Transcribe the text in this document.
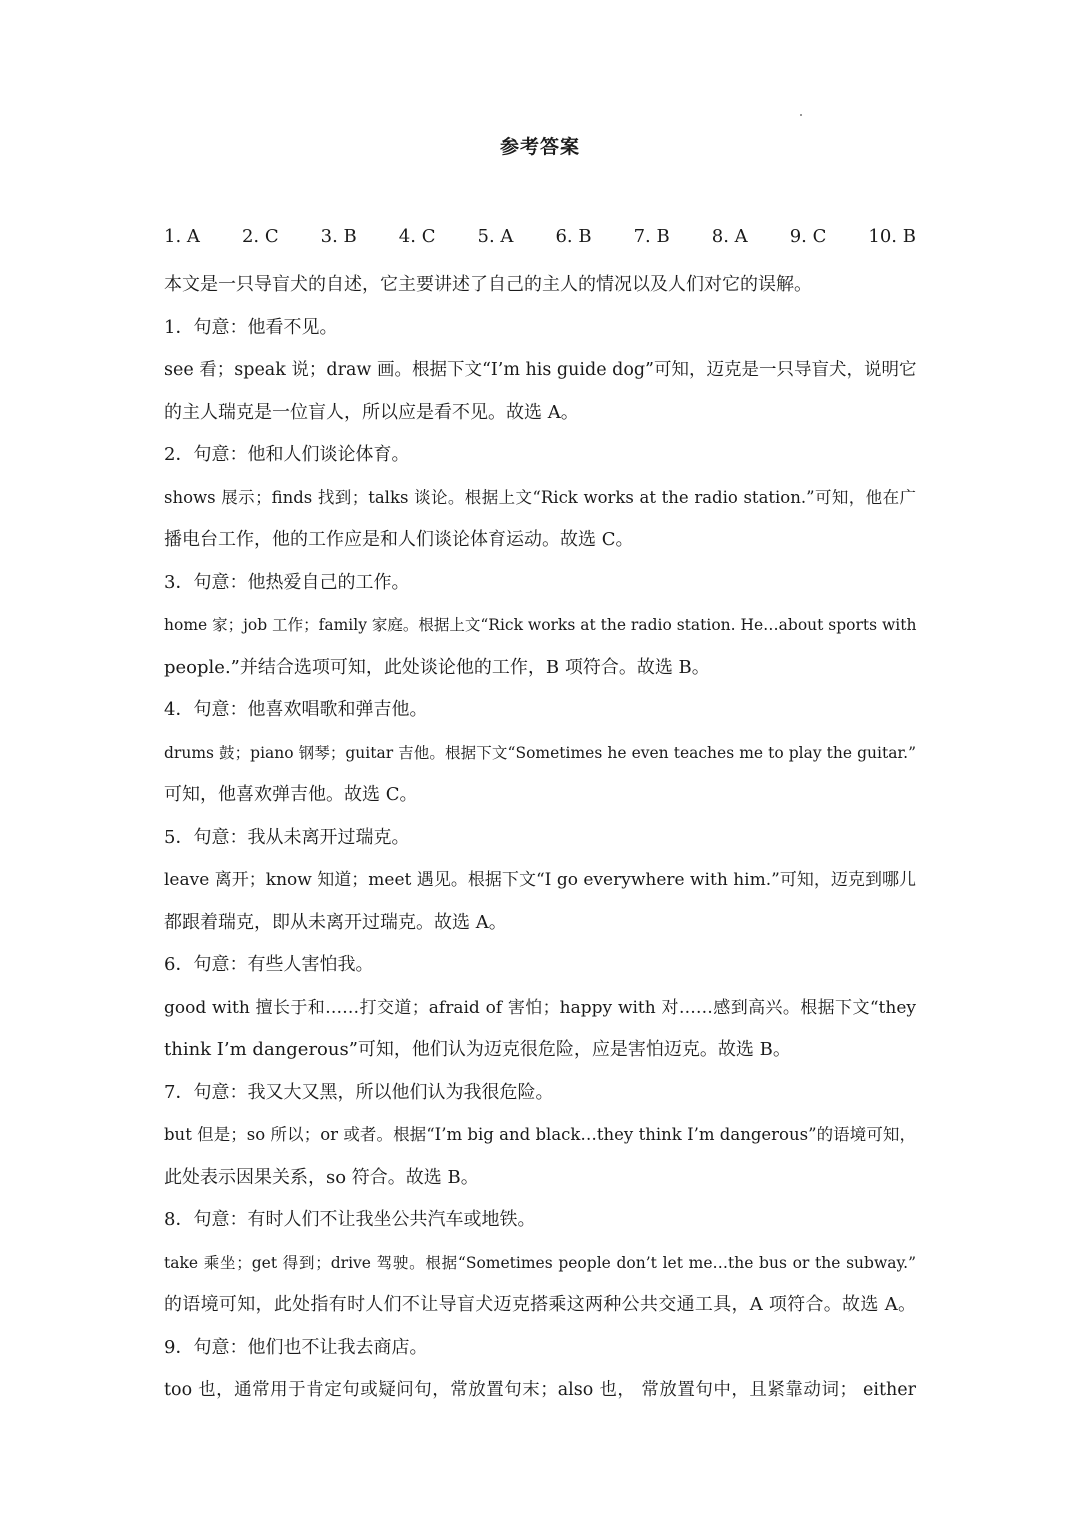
参考答案
1. A 2. C 3. B 4. C 5. A 6. B 7. B 8. A 9. C 10. B

本文是一只导盲犬的自述，它主要讲述了自己的主人的情况以及人们对它的误解。

1．句意：他看不见。

see 看；speak 说；draw 画。根据下文“I’m his guide dog”可知，迈克是一只导盲犬，说明它

的主人瑞克是一位盲人，所以应是看不见。故选 A。

2．句意：他和人们谈论体育。

shows 展示；finds 找到；talks 谈论。根据上文“Rick works at the radio station.”可知，他在广

播电台工作，他的工作应是和人们谈论体育运动。故选 C。

3．句意：他热爱自己的工作。

home 家；job 工作；family 家庭。根据上文“Rick works at the radio station. He…about sports with

people.”并结合选项可知，此处谈论他的工作，B 项符合。故选 B。

4．句意：他喜欢唱歌和弹吉他。

drums 鼓；piano 钢琴；guitar 吉他。根据下文“Sometimes he even teaches me to play the guitar.”

可知，他喜欢弹吉他。故选 C。

5．句意：我从未离开过瑞克。

leave 离开；know 知道；meet 遇见。根据下文“I go everywhere with him.”可知，迈克到哪儿

都跟着瑞克，即从未离开过瑞克。故选 A。

6．句意：有些人害怕我。

good with 擅长于和……打交道；afraid of 害怕；happy with 对……感到高兴。根据下文“they

think I’m dangerous”可知，他们认为迈克很危险，应是害怕迈克。故选 B。

7．句意：我又大又黑，所以他们认为我很危险。

but 但是；so 所以；or 或者。根据“I’m big and black…they think I’m dangerous”的语境可知，

此处表示因果关系，so 符合。故选 B。

8．句意：有时人们不让我坐公共汽车或地铁。

take 乘坐；get 得到；drive 驾驶。根据“Sometimes people don’t let me…the bus or the subway.”

的语境可知，此处指有时人们不让导盲犬迈克搭乘这两种公共交通工具，A 项符合。故选 A。

9．句意：他们也不让我去商店。

too 也，通常用于肯定句或疑问句，常放置句末；also 也， 常放置句中，且紧靠动词； either
